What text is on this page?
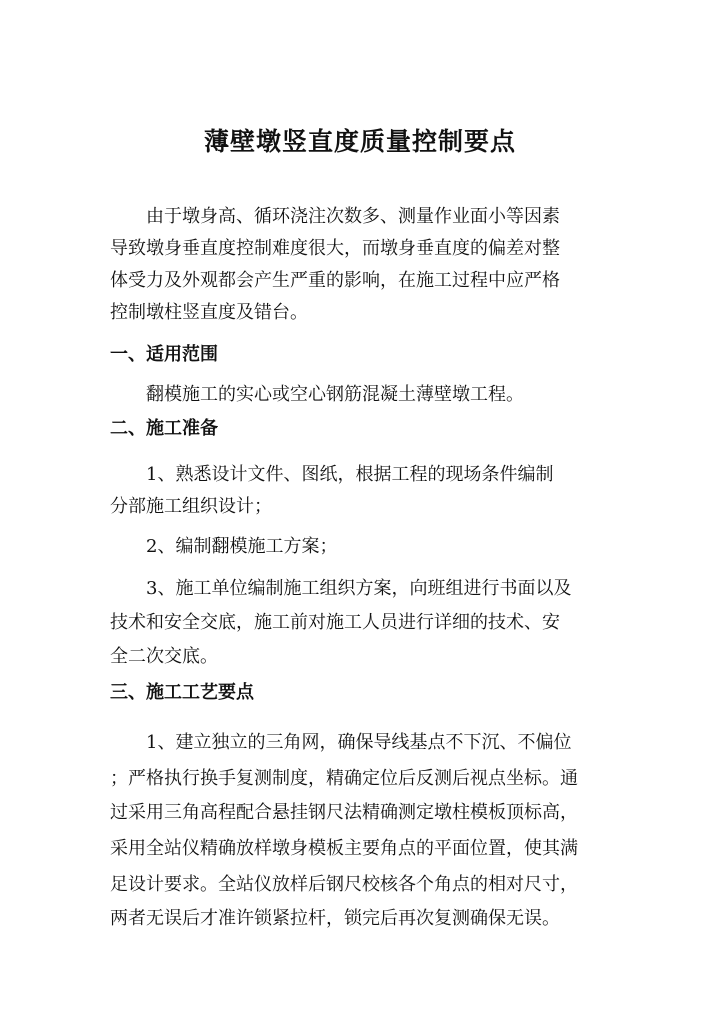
薄壁墩竖直度质量控制要点
由于墩身高、循环浇注次数多、测量作业面小等因素
导致墩身垂直度控制难度很大，而墩身垂直度的偏差对整
体受力及外观都会产生严重的影响，在施工过程中应严格
控制墩柱竖直度及错台。
一、适用范围
翻模施工的实心或空心钢筋混凝土薄壁墩工程。
二、施工准备
1、熟悉设计文件、图纸，根据工程的现场条件编制
分部施工组织设计；
2、编制翻模施工方案；
3、施工单位编制施工组织方案，向班组进行书面以及
技术和安全交底，施工前对施工人员进行详细的技术、安
全二次交底。
三、施工工艺要点
1、建立独立的三角网，确保导线基点不下沉、不偏位
；严格执行换手复测制度，精确定位后反测后视点坐标。通
过采用三角高程配合悬挂钢尺法精确测定墩柱模板顶标高，
采用全站仪精确放样墩身模板主要角点的平面位置，使其满
足设计要求。全站仪放样后钢尺校核各个角点的相对尺寸，
两者无误后才准许锁紧拉杆，锁完后再次复测确保无误。
